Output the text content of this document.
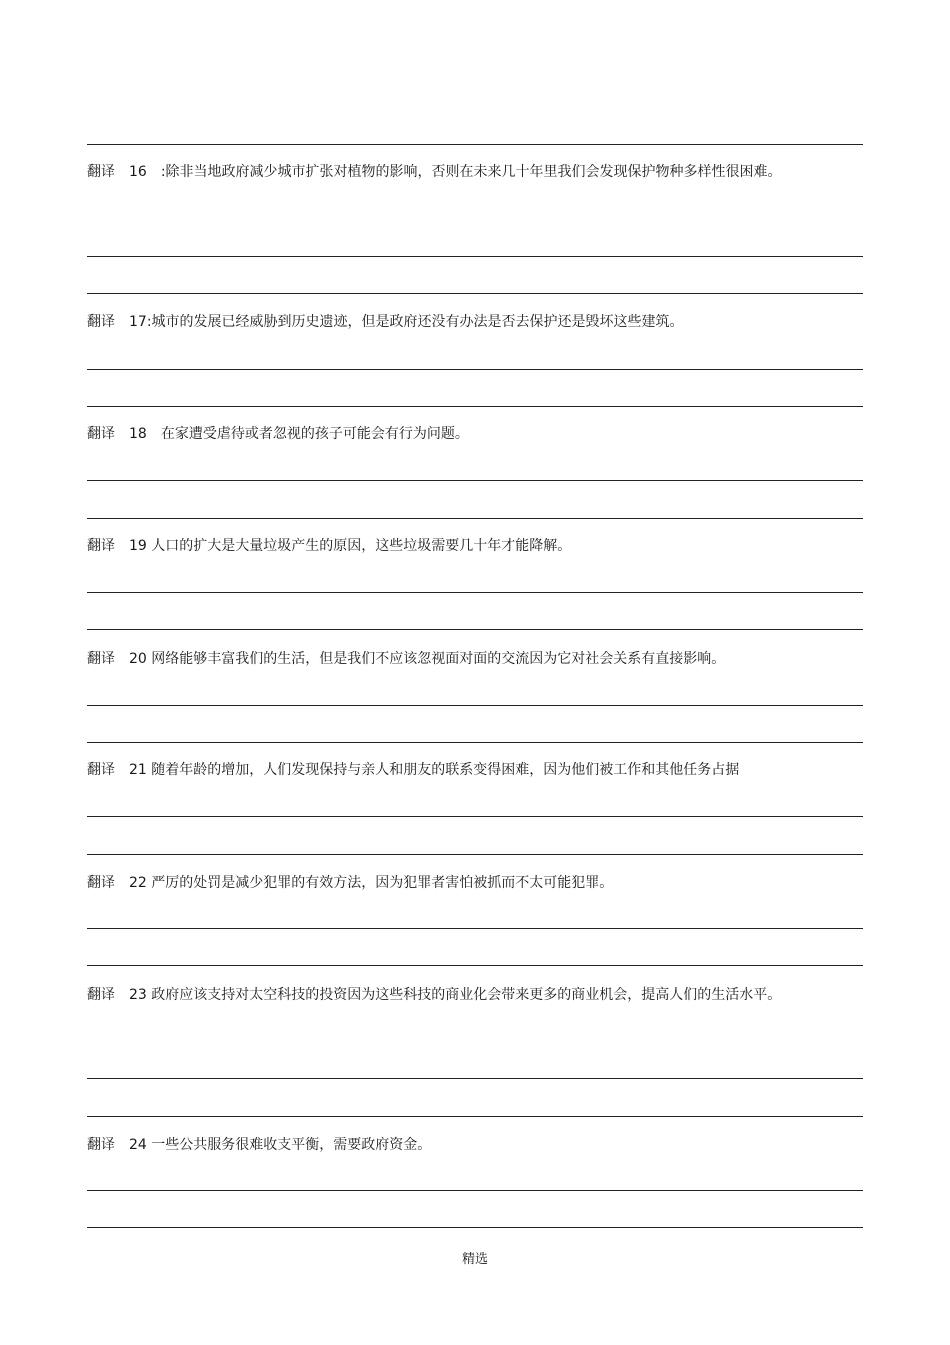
翻译　16　:除非当地政府减少城市扩张对植物的影响，否则在未来几十年里我们会发现保护物种多样性很困难。

翻译　17:城市的发展已经威胁到历史遗迹，但是政府还没有办法是否去保护还是毁坏这些建筑。

翻译　18　在家遭受虐待或者忽视的孩子可能会有行为问题。

翻译　19 人口的扩大是大量垃圾产生的原因，这些垃圾需要几十年才能降解。

翻译　20 网络能够丰富我们的生活，但是我们不应该忽视面对面的交流因为它对社会关系有直接影响。

翻译　21 随着年龄的增加，人们发现保持与亲人和朋友的联系变得困难，因为他们被工作和其他任务占据

翻译　22 严厉的处罚是减少犯罪的有效方法，因为犯罪者害怕被抓而不太可能犯罪。

翻译　23 政府应该支持对太空科技的投资因为这些科技的商业化会带来更多的商业机会，提高人们的生活水平。

翻译　24 一些公共服务很难收支平衡，需要政府资金。

精选
